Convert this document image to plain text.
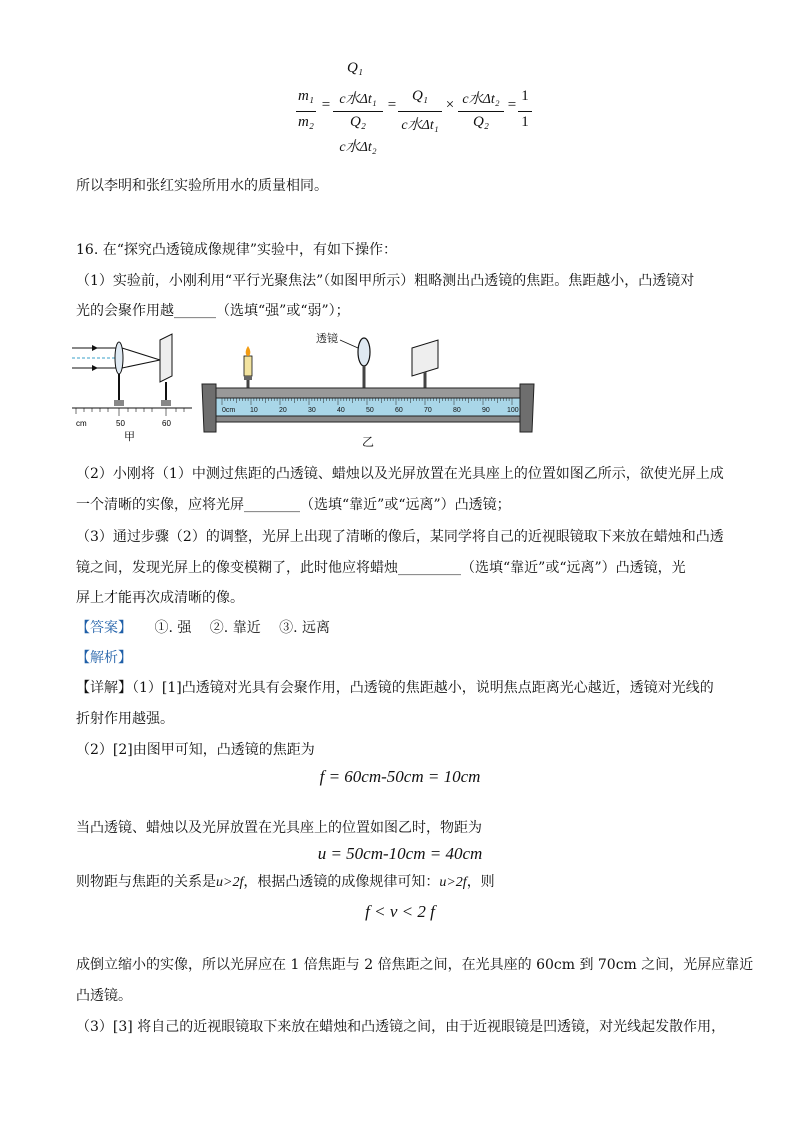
Q₁
m₁
m₂
= c水Δt₁
Q₂
c水Δt₂
=
Q₁
c水Δt₁
× c水Δt₂
Q₂
=
1
1
所以李明和张红实验所用水的质量相同。
16. 在“探究凸透镜成像规律”实验中，有如下操作：
（1）实验前，小刚利用“平行光聚焦法”（如图甲所示）粗略测出凸透镜的焦距。焦距越小，凸透镜对
光的会聚作用越______（选填“强”或“弱”）；
cm	50	60
甲
透镜
0cm 10	20	30	40	50	60	70	80	90 100
乙
（2）小刚将（1）中测过焦距的凸透镜、蜡烛以及光屏放置在光具座上的位置如图乙所示，欲使光屏上成
一个清晰的实像，应将光屏________（选填“靠近”或“远离”）凸透镜；
（3）通过步骤（2）的调整，光屏上出现了清晰的像后，某同学将自己的近视眼镜取下来放在蜡烛和凸透
镜之间，发现光屏上的像变模糊了，此时他应将蜡烛_________（选填“靠近”或“远离”）凸透镜，光
屏上才能再次成清晰的像。
【答案】 ①. 强　 ②. 靠近　 ③. 远离
【解析】
【详解】（1）[1]凸透镜对光具有会聚作用，凸透镜的焦距越小，说明焦点距离光心越近，透镜对光线的
折射作用越强。
（2）[2]由图甲可知，凸透镜的焦距为
f = 60cm-50cm = 10cm
当凸透镜、蜡烛以及光屏放置在光具座上的位置如图乙时，物距为
u = 50cm-10cm = 40cm
则物距与焦距的关系是u>2f，根据凸透镜的成像规律可知：u>2f，则
f < v < 2 f
成倒立缩小的实像，所以光屏应在 1 倍焦距与 2 倍焦距之间，在光具座的 60cm 到 70cm 之间，光屏应靠近
凸透镜。
（3）[3] 将自己的近视眼镜取下来放在蜡烛和凸透镜之间，由于近视眼镜是凹透镜，对光线起发散作用，
